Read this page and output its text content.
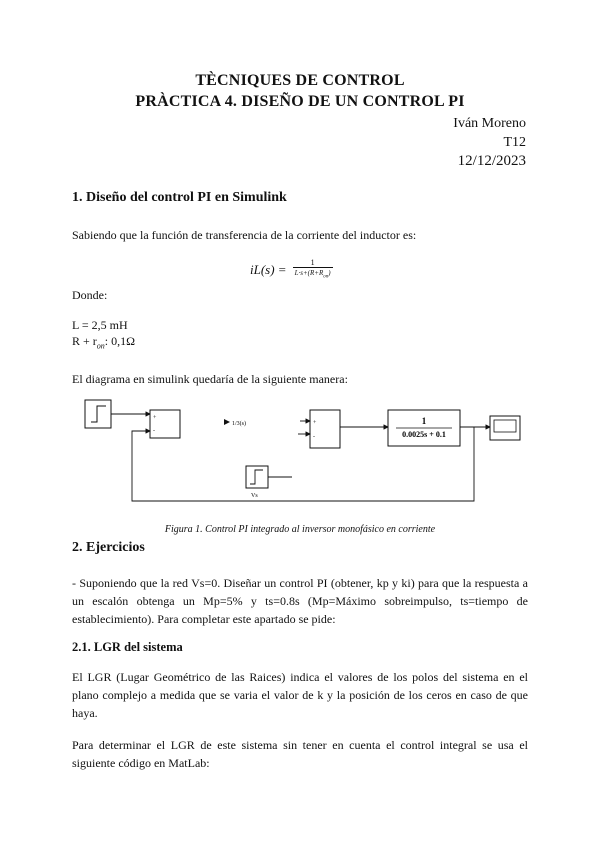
TÈCNIQUES DE CONTROL
PRÀCTICA 4. DISEÑO DE UN CONTROL PI
Iván Moreno
T12
12/12/2023
1. Diseño del control PI en Simulink
Sabiendo que la función de transferencia de la corriente del inductor es:
$iL(s) = \frac{1}{L\cdot s+(R+R_{on})}$
Donde:
L = 2,5 mH
$R + r_{on}$: 0,1Ω
El diagrama en simulink quedaría de la siguiente manera:
+
-
1/3(s)	+
-
1
0.0025s + 0.1
Vs
Figura 1. Control PI integrado al inversor monofásico en corriente
2. Ejercicios
- Suponiendo que la red Vs=0. Diseñar un control PI (obtener, kp y ki) para que la respuesta a un escalón obtenga un Mp=5% y ts=0.8s (Mp=Máximo sobreimpulso, ts=tiempo de establecimiento). Para completar este apartado se pide:
2.1. LGR del sistema
El LGR (Lugar Geométrico de las Raices) indica el valores de los polos del sistema en el plano complejo a medida que se varia el valor de k y la posición de los ceros en caso de que haya.
Para determinar el LGR de este sistema sin tener en cuenta el control integral se usa el siguiente código en MatLab:
